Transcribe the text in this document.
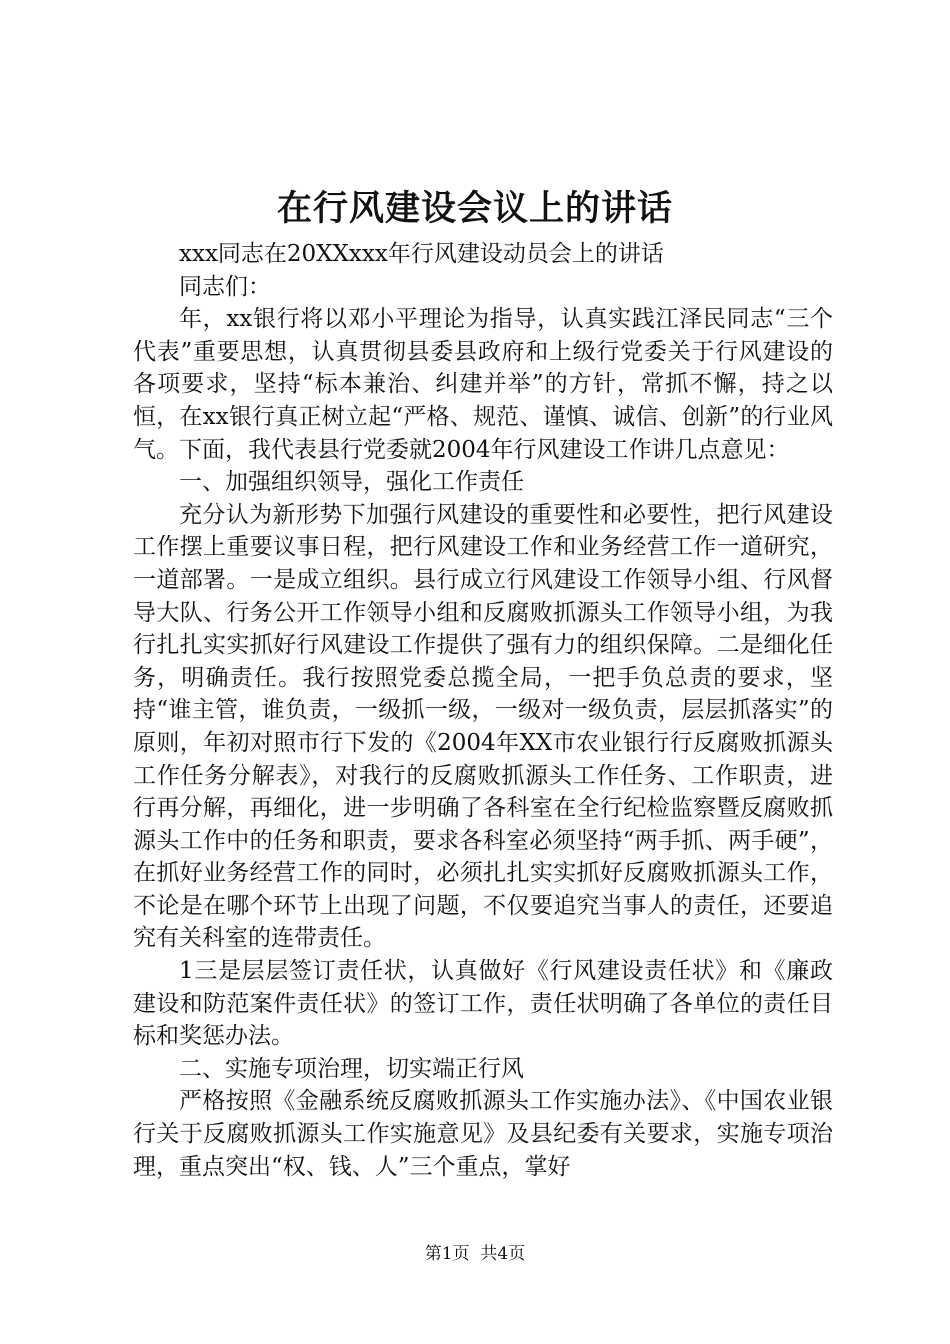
在行风建设会议上的讲话

xxx同志在20XXxxx年行风建设动员会上的讲话

同志们：

年，xx银行将以邓小平理论为指导，认真实践江泽民同志“三个代表”重要思想，认真贯彻县委县政府和上级行党委关于行风建设的各项要求，坚持“标本兼治、纠建并举”的方针，常抓不懈，持之以恒，在xx银行真正树立起“严格、规范、谨慎、诚信、创新”的行业风气。下面，我代表县行党委就2004年行风建设工作讲几点意见：

一、加强组织领导，强化工作责任

充分认为新形势下加强行风建设的重要性和必要性，把行风建设工作摆上重要议事日程，把行风建设工作和业务经营工作一道研究，一道部署。一是成立组织。县行成立行风建设工作领导小组、行风督导大队、行务公开工作领导小组和反腐败抓源头工作领导小组，为我行扎扎实实抓好行风建设工作提供了强有力的组织保障。二是细化任务，明确责任。我行按照党委总揽全局，一把手负总责的要求，坚持“谁主管，谁负责，一级抓一级，一级对一级负责，层层抓落实”的原则，年初对照市行下发的《2004年XX市农业银行行反腐败抓源头工作任务分解表》，对我行的反腐败抓源头工作任务、工作职责，进行再分解，再细化，进一步明确了各科室在全行纪检监察暨反腐败抓源头工作中的任务和职责，要求各科室必须坚持“两手抓、两手硬”，在抓好业务经营工作的同时，必须扎扎实实抓好反腐败抓源头工作，不论是在哪个环节上出现了问题，不仅要追究当事人的责任，还要追究有关科室的连带责任。

1三是层层签订责任状，认真做好《行风建设责任状》和《廉政建设和防范案件责任状》的签订工作，责任状明确了各单位的责任目标和奖惩办法。

二、实施专项治理，切实端正行风

严格按照《金融系统反腐败抓源头工作实施办法》、《中国农业银行关于反腐败抓源头工作实施意见》及县纪委有关要求，实施专项治理，重点突出“权、钱、人”三个重点，掌好

第1页 共4页
